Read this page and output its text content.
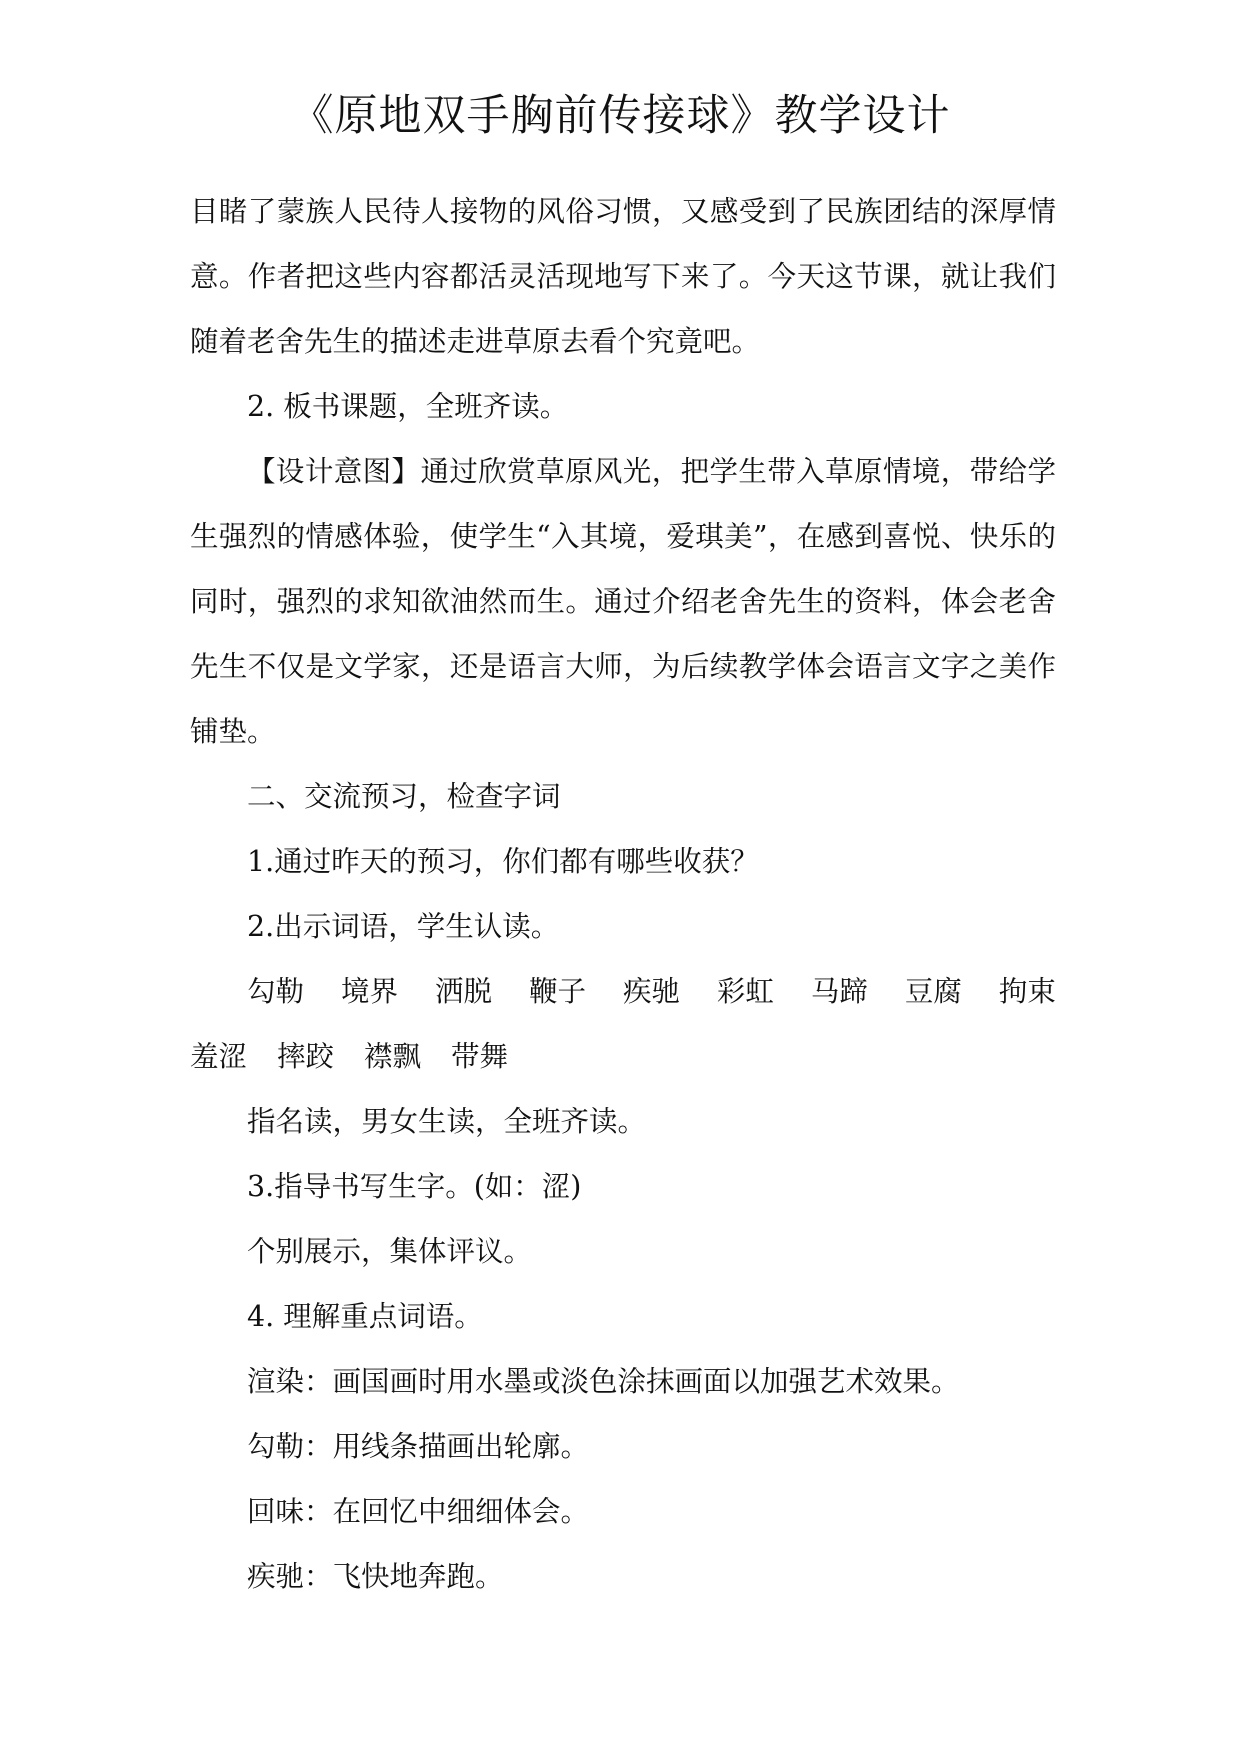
《原地双手胸前传接球》教学设计

目睹了蒙族人民待人接物的风俗习惯，又感受到了民族团结的深厚情意。作者把这些内容都活灵活现地写下来了。今天这节课，就让我们随着老舍先生的描述走进草原去看个究竟吧。

2. 板书课题，全班齐读。

【设计意图】通过欣赏草原风光，把学生带入草原情境，带给学生强烈的情感体验，使学生“入其境，爱琪美”，在感到喜悦、快乐的同时，强烈的求知欲油然而生。通过介绍老舍先生的资料，体会老舍先生不仅是文学家，还是语言大师，为后续教学体会语言文字之美作铺垫。

二、交流预习，检查字词

1.通过昨天的预习，你们都有哪些收获？

2.出示词语，学生认读。

勾勒 境界 洒脱 鞭子 疾驰 彩虹 马蹄 豆腐 拘束
羞涩 摔跤 襟飘 带舞

指名读，男女生读，全班齐读。

3.指导书写生字。(如：涩)

个别展示，集体评议。

4. 理解重点词语。

渲染：画国画时用水墨或淡色涂抹画面以加强艺术效果。

勾勒：用线条描画出轮廓。

回味：在回忆中细细体会。

疾驰：飞快地奔跑。
